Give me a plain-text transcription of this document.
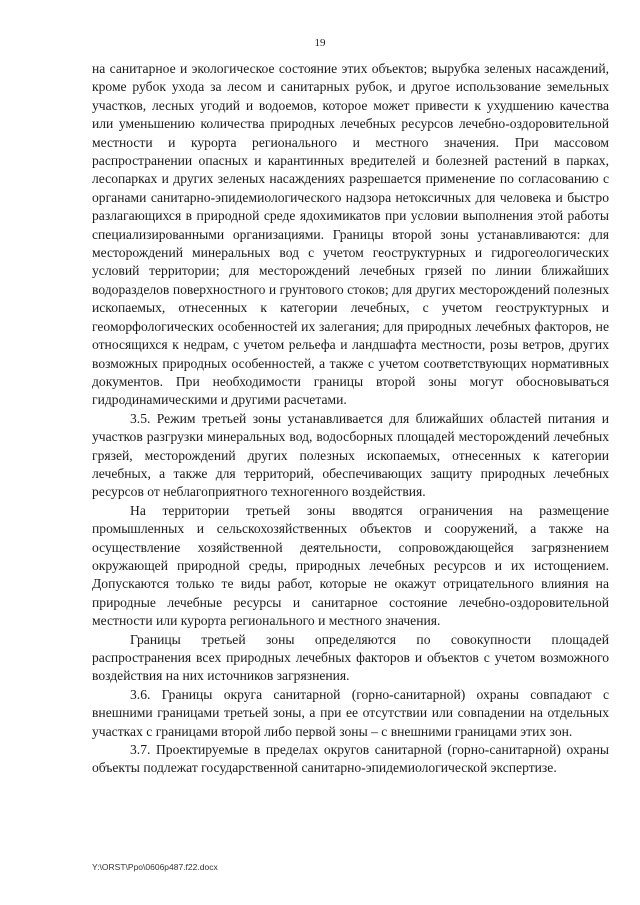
19

на санитарное и экологическое состояние этих объектов; вырубка зеленых насаждений, кроме рубок ухода за лесом и санитарных рубок, и другое использование земельных участков, лесных угодий и водоемов, которое может привести к ухудшению качества или уменьшению количества природных лечебных ресурсов лечебно-оздоровительной местности и курорта регионального и местного значения. При массовом распространении опасных и карантинных вредителей и болезней растений в парках, лесопарках и других зеленых насаждениях разрешается применение по согласованию с органами санитарно-эпидемиологического надзора нетоксичных для человека и быстро разлагающихся в природной среде ядохимикатов при условии выполнения этой работы специализированными организациями. Границы второй зоны устанавливаются: для месторождений минеральных вод с учетом геоструктурных и гидрогеологических условий территории; для месторождений лечебных грязей по линии ближайших водоразделов поверхностного и грунтового стоков; для других месторождений полезных ископаемых, отнесенных к категории лечебных, с учетом геоструктурных и геоморфологических особенностей их залегания; для природных лечебных факторов, не относящихся к недрам, с учетом рельефа и ландшафта местности, розы ветров, других возможных природных особенностей, а также с учетом соответствующих нормативных документов. При необходимости границы второй зоны могут обосновываться гидродинамическими и другими расчетами.

3.5. Режим третьей зоны устанавливается для ближайших областей питания и участков разгрузки минеральных вод, водосборных площадей месторождений лечебных грязей, месторождений других полезных ископаемых, отнесенных к категории лечебных, а также для территорий, обеспечивающих защиту природных лечебных ресурсов от неблагоприятного техногенного воздействия.

На территории третьей зоны вводятся ограничения на размещение промышленных и сельскохозяйственных объектов и сооружений, а также на осуществление хозяйственной деятельности, сопровождающейся загрязнением окружающей природной среды, природных лечебных ресурсов и их истощением. Допускаются только те виды работ, которые не окажут отрицательного влияния на природные лечебные ресурсы и санитарное состояние лечебно-оздоровительной местности или курорта регионального и местного значения.

Границы третьей зоны определяются по совокупности площадей распространения всех природных лечебных факторов и объектов с учетом возможного воздействия на них источников загрязнения.

3.6. Границы округа санитарной (горно-санитарной) охраны совпадают с внешними границами третьей зоны, а при ее отсутствии или совпадении на отдельных участках с границами второй либо первой зоны – с внешними границами этих зон.

3.7. Проектируемые в пределах округов санитарной (горно-санитарной) охраны объекты подлежат государственной санитарно-эпидемиологической экспертизе.

Y:\ORST\Ppo\0606p487.f22.docx
